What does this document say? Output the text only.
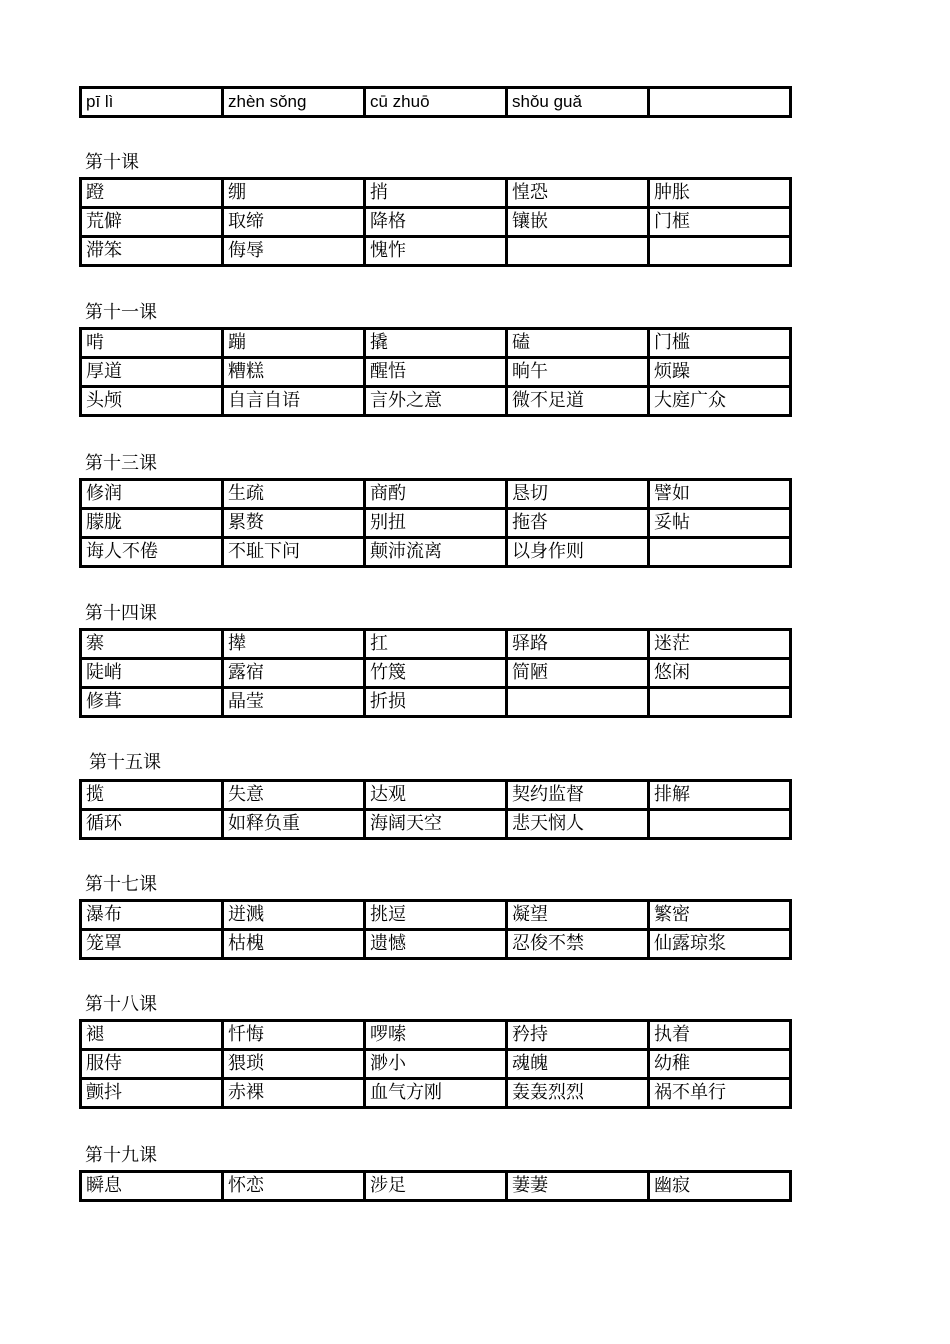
pī lì	zhèn sǒng	cū zhuō	shǒu guǎ	
第十课
蹬	绷	捎	惶恐	肿胀
荒僻	取缔	降格	镶嵌	门框
滞笨	侮辱	愧怍		
第十一课
啃	蹦	撬	磕	门槛
厚道	糟糕	醒悟	晌午	烦躁
头颅	自言自语	言外之意	微不足道	大庭广众
第十三课
修润	生疏	商酌	恳切	譬如
朦胧	累赘	别扭	拖沓	妥帖
诲人不倦	不耻下问	颠沛流离	以身作则	
第十四课
寨	撵	扛	驿路	迷茫
陡峭	露宿	竹篾	简陋	悠闲
修葺	晶莹	折损		
第十五课
揽	失意	达观	契约监督	排解
循环	如释负重	海阔天空	悲天悯人	
第十七课
瀑布	迸溅	挑逗	凝望	繁密
笼罩	枯槐	遗憾	忍俊不禁	仙露琼浆
第十八课
褪	忏悔	啰嗦	矜持	执着
服侍	猥琐	渺小	魂魄	幼稚
颤抖	赤裸	血气方刚	轰轰烈烈	祸不单行
第十九课
瞬息	怀恋	涉足	萋萋	幽寂
